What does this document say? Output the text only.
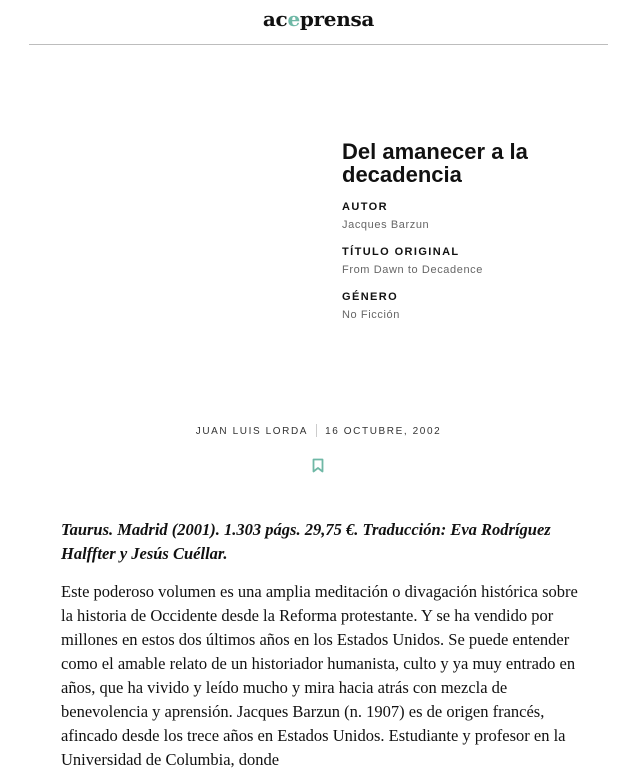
aceprensa
Del amanecer a la decadencia
AUTOR
Jacques Barzun
TÍTULO ORIGINAL
From Dawn to Decadence
GÉNERO
No Ficción
JUAN LUIS LORDA 16 OCTUBRE, 2002

Taurus. Madrid (2001). 1.303 págs. 29,75 €. Traducción: Eva Rodríguez Halffter y Jesús Cuéllar.

Este poderoso volumen es una amplia meditación o divagación histórica sobre la historia de Occidente desde la Reforma protestante. Y se ha vendido por millones en estos dos últimos años en los Estados Unidos. Se puede entender como el amable relato de un historiador humanista, culto y ya muy entrado en años, que ha vivido y leído mucho y mira hacia atrás con mezcla de benevolencia y aprensión. Jacques Barzun (n. 1907) es de origen francés, afincado desde los trece años en Estados Unidos. Estudiante y profesor en la Universidad de Columbia, donde
